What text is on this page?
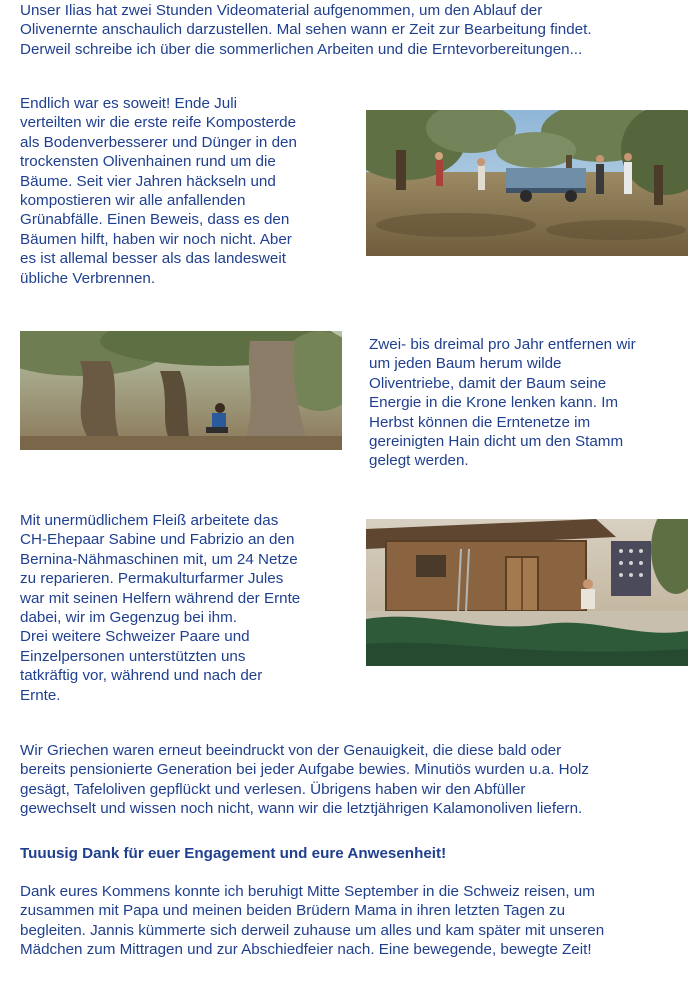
Unser Ilias hat zwei Stunden Videomaterial aufgenommen, um den Ablauf der
Olivenernte anschaulich darzustellen. Mal sehen wann er Zeit zur Bearbeitung findet.
Derweil schreibe ich über die sommerlichen Arbeiten und die Erntevorbereitungen...

Endlich war es soweit! Ende Juli
verteilten wir die erste reife Komposterde
als Bodenverbesserer und Dünger in den
trockensten Olivenhainen rund um die
Bäume. Seit vier Jahren häckseln und
kompostieren wir alle anfallenden
Grünabfälle. Einen Beweis, dass es den
Bäumen hilft, haben wir noch nicht. Aber
es ist allemal besser als das landesweit
übliche Verbrennen.

Zwei- bis dreimal pro Jahr entfernen wir
um jeden Baum herum wilde
Oliventriebe, damit der Baum seine
Energie in die Krone lenken kann. Im
Herbst können die Erntenetze im
gereinigten Hain dicht um den Stamm
gelegt werden.

Mit unermüdlichem Fleiß arbeitete das
CH-Ehepaar Sabine und Fabrizio an den
Bernina-Nähmaschinen mit, um 24 Netze
zu reparieren. Permakulturfarmer Jules
war mit seinen Helfern während der Ernte
dabei, wir im Gegenzug bei ihm.
Drei weitere Schweizer Paare und
Einzelpersonen unterstützten uns
tatkräftig vor, während und nach der
Ernte.

Wir Griechen waren erneut beeindruckt von der Genauigkeit, die diese bald oder
bereits pensionierte Generation bei jeder Aufgabe bewies. Minutiös wurden u.a. Holz
gesägt, Tafeloliven gepflückt und verlesen. Übrigens haben wir den Abfüller
gewechselt und wissen noch nicht, wann wir die letztjährigen Kalamonoliven liefern.

Tuuusig Dank für euer Engagement und eure Anwesenheit!

Dank eures Kommens konnte ich beruhigt Mitte September in die Schweiz reisen, um
zusammen mit Papa und meinen beiden Brüdern Mama in ihren letzten Tagen zu
begleiten. Jannis kümmerte sich derweil zuhause um alles und kam später mit unseren
Mädchen zum Mittragen und zur Abschiedfeier nach. Eine bewegende, bewegte Zeit!
